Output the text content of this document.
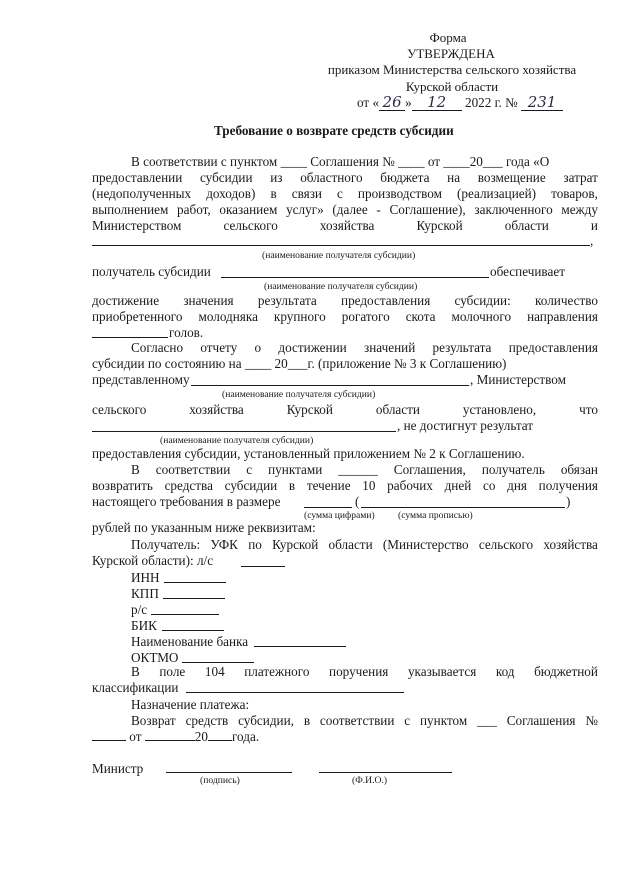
Форма
УТВЕРЖДЕНА
приказом Министерства сельского хозяйства
Курской области
от « 26 » 12 2022 г. № 231
Требование о возврате средств субсидии
В соответствии с пунктом ____ Соглашения № ____ от ____20___ года «О
предоставлении субсидии из областного бюджета на возмещение затрат
(недополученных доходов) в связи с производством (реализацией) товаров,
выполнением работ, оказанием услуг» (далее - Соглашение), заключенного между
Министерством	сельского	хозяйства	Курской	области	и
,
(наименование получателя субсидии)
получатель субсидии	обеспечивает
(наименование получателя субсидии)
достижение значения результата предоставления субсидии: количество
приобретенного молодняка крупного рогатого скота молочного направления
голов.
Согласно отчету о достижении значений результата предоставления
субсидии по состоянию на ____ 20___г. (приложение № 3 к Соглашению)
представленному	, Министерством
(наименование получателя субсидии)
сельского	хозяйства	Курской	области	установлено,	что
, не достигнут результат
(наименование получателя субсидии)
предоставления субсидии, установленный приложением № 2 к Соглашению.
В соответствии с пунктами ______ Соглашения, получатель обязан
возвратить средства субсидии в течение 10 рабочих дней со дня получения
настоящего требования в размере	(	)
(сумма цифрами) (сумма прописью)
рублей по указанным ниже реквизитам:
Получатель: УФК по Курской области (Министерство сельского хозяйства
Курской области): л/с
ИНН
КПП
р/с
БИК
Наименование банка
ОКТМО
В поле 104 платежного поручения указывается код бюджетной
классификации
Назначение платежа:
Возврат средств субсидии, в соответствии с пунктом ___ Соглашения №
от	20 года.
Министр
(подпись)	(Ф.И.О.)
